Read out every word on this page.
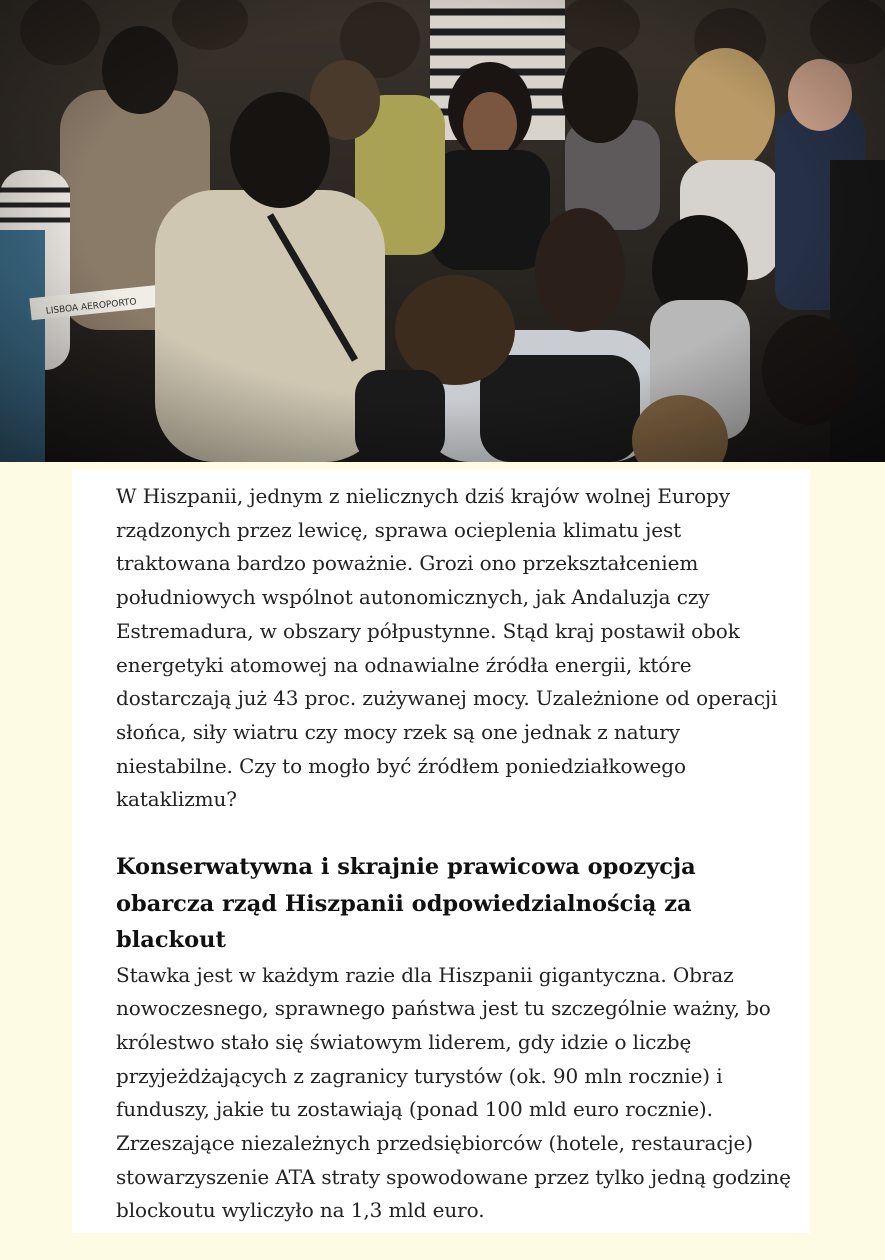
W Hiszpanii, jednym z nielicznych dziś krajów wolnej Europy rządzonych przez lewicę, sprawa ocieplenia klimatu jest traktowana bardzo poważnie. Grozi ono przekształceniem południowych wspólnot autonomicznych, jak Andaluzja czy Estremadura, w obszary półpustynne. Stąd kraj postawił obok energetyki atomowej na odnawialne źródła energii, które dostarczają już 43 proc. zużywanej mocy. Uzależnione od operacji słońca, siły wiatru czy mocy rzek są one jednak z natury niestabilne. Czy to mogło być źródłem poniedziałkowego kataklizmu?

Konserwatywna i skrajnie prawicowa opozycja obarcza rząd Hiszpanii odpowiedzialnością za blackout

Stawka jest w każdym razie dla Hiszpanii gigantyczna. Obraz nowoczesnego, sprawnego państwa jest tu szczególnie ważny, bo królestwo stało się światowym liderem, gdy idzie o liczbę przyjeżdżających z zagranicy turystów (ok. 90 mln rocznie) i funduszy, jakie tu zostawiają (ponad 100 mld euro rocznie). Zrzeszające niezależnych przedsiębiorców (hotele, restauracje) stowarzyszenie ATA straty spowodowane przez tylko jedną godzinę blockoutu wyliczyło na 1,3 mld euro.
